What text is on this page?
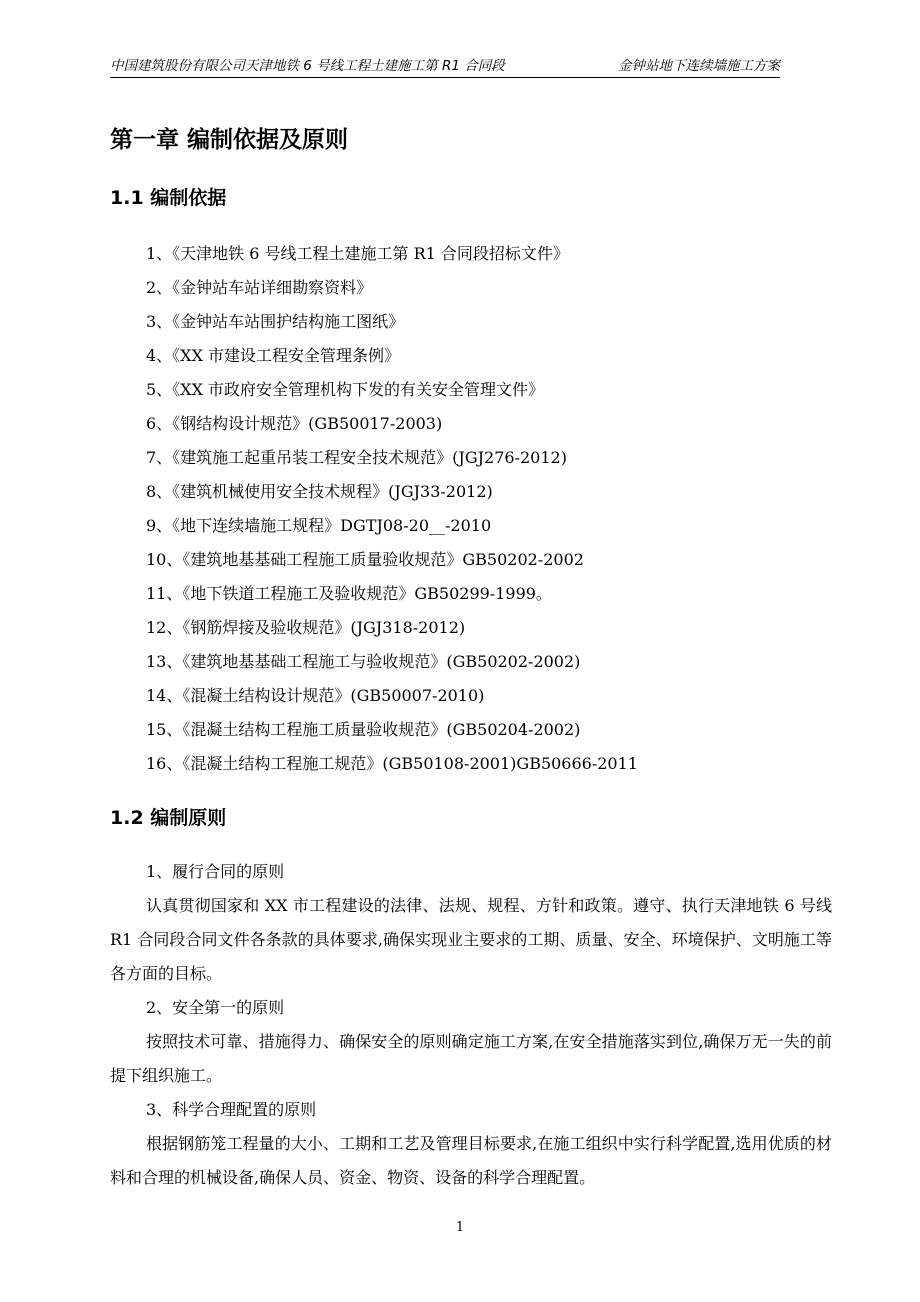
中国建筑股份有限公司天津地铁 6 号线工程土建施工第 R1 合同段	金钟站地下连续墙施工方案
第一章 编制依据及原则
1.1 编制依据
1、《天津地铁 6 号线工程土建施工第 R1 合同段招标文件》
2、《金钟站车站详细勘察资料》
3、《金钟站车站围护结构施工图纸》
4、《XX 市建设工程安全管理条例》
5、《XX 市政府安全管理机构下发的有关安全管理文件》
6、《钢结构设计规范》(GB50017-2003)
7、《建筑施工起重吊装工程安全技术规范》(JGJ276-2012)
8、《建筑机械使用安全技术规程》(JGJ33-2012)
9、《地下连续墙施工规程》DGTJ08-20__-2010
10、《建筑地基基础工程施工质量验收规范》GB50202-2002
11、《地下铁道工程施工及验收规范》GB50299-1999。
12、《钢筋焊接及验收规范》(JGJ318-2012)
13、《建筑地基基础工程施工与验收规范》(GB50202-2002)
14、《混凝土结构设计规范》(GB50007-2010)
15、《混凝土结构工程施工质量验收规范》(GB50204-2002)
16、《混凝土结构工程施工规范》(GB50108-2001)GB50666-2011
1.2 编制原则

1、履行合同的原则

认真贯彻国家和 XX 市工程建设的法律、法规、规程、方针和政策。遵守、执行天津地铁 6 号线 R1 合同段合同文件各条款的具体要求,确保实现业主要求的工期、质量、安全、环境保护、文明施工等各方面的目标。

2、安全第一的原则

按照技术可靠、措施得力、确保安全的原则确定施工方案,在安全措施落实到位,确保万无一失的前提下组织施工。

3、科学合理配置的原则

根据钢筋笼工程量的大小、工期和工艺及管理目标要求,在施工组织中实行科学配置,选用优质的材料和合理的机械设备,确保人员、资金、物资、设备的科学合理配置。

1
